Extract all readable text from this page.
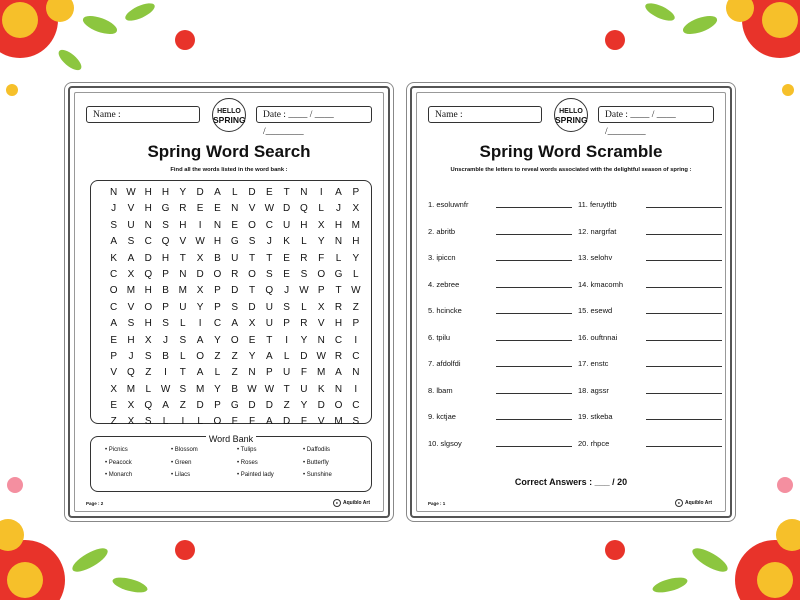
Name :	HELLO
SPRING	Date : ____ / ____ /________
Spring Word Search
Find all the words listed in the word bank :
N W H	H	Y	D	A	L	D	E	T	N	I	A	P
J	V	H G R	E	E	N	V W D Q	L	J	X
S	U	N	S	H	I	N	E	O C	U	H	X	H M
A	S	C Q	V W H G	S	J	K	L	Y	N	H
K	A	D	H	T	X	B	U	T	T	E	R	F	L	Y
C	X	Q	P	N	D O R O	S	E	S	O G	L
O M H	B M X	P	D	T	Q	J	W P	T W
C	V	O	P	U	Y	P	S	D	U	S	L	X	R	Z
A	S	H	S	L	I	C	A	X	U	P	R	V	H	P
E	H	X	J	S	A	Y	O	E	T	I	Y	N	C	I
P	J	S	B	L	O	Z	Z	Y	A	L	D W R	C
V	Q	Z	I	T	A	L	Z	N	P	U	F	M A	N
X M	L W S M Y	B W W T	U	K	N	I
E	X	Q	A	Z	D	P	G D	D	Z	Y	D O C
Z	X	S	L	I	L	O	F	F	A	D	F	V M S
Word Bank
• Picnics	• Blossom	• Tulips	• Daffodils
• Peacock	• Green	• Roses	• Butterfly
• Monarch	• Lilacs	• Painted lady	• Sunshine
Page : 2	c Aquiblo Art
Name :	HELLO
SPRING	Date : ____ / ____ /________
Spring Word Scramble
Unscramble the letters to reveal words associated with the delightful season of spring :
1. esoluwnfr
2. abritb
3. ipiccn
4. zebree
5. hcincke
6. tpilu
7. afdolfdi
8. lbam
9. kctjae
10. slgsoy
11. feruytltb
12. nargrfat
13. selohv
14. kmacomh
15. esewd
16. ouftnnai
17. enstc
18. agssr
19. stkeba
20. rhpce
Correct Answers : ___ / 20
Page : 1	c Aquiblo Art
